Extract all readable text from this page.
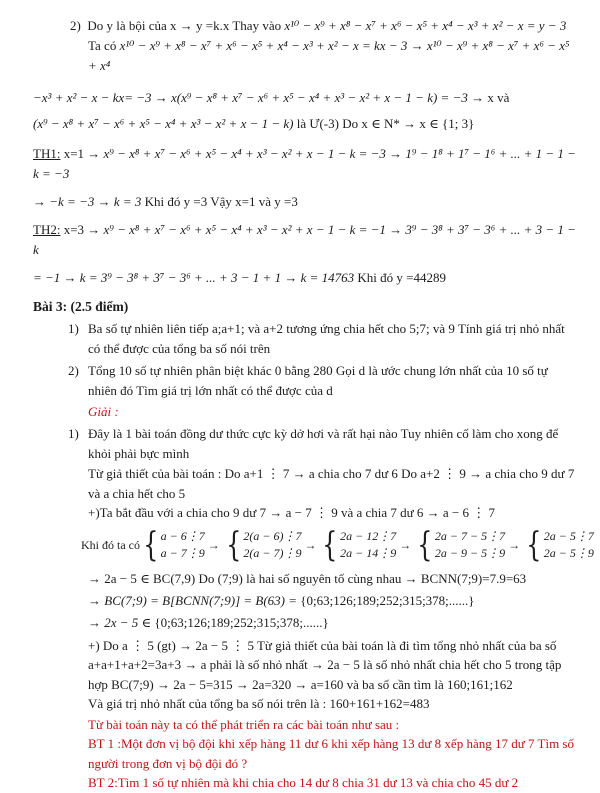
2) Do y là bội của x → y =k.x Thay vào x¹⁰ − x⁹ + x⁸ − x⁷ + x⁶ − x⁵ + x⁴ − x³ + x² − x = y − 3
Ta có x¹⁰ − x⁹ + x⁸ − x⁷ + x⁶ − x⁵ + x⁴ − x³ + x² − x = kx − 3 → x¹⁰ − x⁹ + x⁸ − x⁷ + x⁶ − x⁵ + x⁴
−x³ + x² − x − kx= −3 → x(x⁹ − x⁸ + x⁷ − x⁶ + x⁵ − x⁴ + x³ − x² + x − 1 − k) = −3 → x và
(x⁹ − x⁸ + x⁷ − x⁶ + x⁵ − x⁴ + x³ − x² + x − 1 − k) là Ư(-3) Do x ∈ N* → x ∈ {1; 3}
TH1: x=1 → x⁹ − x⁸ + x⁷ − x⁶ + x⁵ − x⁴ + x³ − x² + x − 1 − k = −3 → 1⁹ − 1⁸ + 1⁷ − 1⁶ + ... + 1 − 1 − k = −3
→ −k = −3 → k = 3 Khi đó y =3 Vậy x=1 và y =3
TH2: x=3 → x⁹ − x⁸ + x⁷ − x⁶ + x⁵ − x⁴ + x³ − x² + x − 1 − k = −1 → 3⁹ − 3⁸ + 3⁷ − 3⁶ + ... + 3 − 1 − k
= −1 → k = 3⁹ − 3⁸ + 3⁷ − 3⁶ + ... + 3 − 1 + 1 → k = 14763 Khi đó y =44289
Bài 3: (2.5 điểm)
1) Ba số tự nhiên liên tiếp a;a+1; và a+2 tương ứng chia hết cho 5;7; và 9 Tính giá trị nhỏ nhất có thể được của tổng ba số nói trên
2) Tổng 10 số tự nhiên phân biệt khác 0 bằng 280 Gọi d là ước chung lớn nhất của 10 số tự nhiên đó Tìm giá trị lớn nhất có thể được của d
Giải :
1) Đây là 1 bài toán đồng dư thức cực kỳ dở hơi và rất hại nào Tuy nhiên cố làm cho xong để khỏi phải bực mình
Từ giả thiết của bài toán : Do a+1 ⋮ 7 → a chia cho 7 dư 6 Do a+2 ⋮ 9 → a chia cho 9 dư 7 và a chia hết cho 5
+)Ta bắt đầu với a chia cho 9 dư 7 → a − 7 ⋮ 9 và a chia 7 dư 6 → a − 6 ⋮ 7
Khi đó ta có { a − 6⋮7
a − 7⋮9
→ { 2(a − 6)⋮7
2(a − 7)⋮9
→ { 2a − 12⋮7
2a − 14⋮9
→ { 2a − 7 − 5⋮7
2a − 9 − 5⋮9
→ { 2a − 5⋮7
2a − 5⋮9
→ 2a − 5 ∈ BC(7,9) Do (7;9) là hai số nguyên tố cùng nhau → BCNN(7;9)=7.9=63
→ BC(7;9) = B[BCNN(7;9)] = B(63) = {0;63;126;189;252;315;378;......}
→ 2x − 5 ∈ {0;63;126;189;252;315;378;......}
+) Do a ⋮ 5 (gt) → 2a − 5 ⋮ 5 Từ giả thiết của bài toán là đi tìm tổng nhỏ nhất của ba số a+a+1+a+2=3a+3 → a phải là số nhỏ nhất → 2a − 5 là số nhỏ nhất chia hết cho 5 trong tập hợp BC(7;9) → 2a − 5=315 → 2a=320 → a=160 và ba số cần tìm là 160;161;162
Và giá trị nhỏ nhất của tổng ba số nói trên là : 160+161+162=483
Từ bài toán này ta có thể phát triển ra các bài toán như sau :
BT 1 :Một đơn vị bộ đội khi xếp hàng 11 dư 6 khi xếp hàng 13 dư 8 xếp hàng 17 dư 7 Tìm số người trong đơn vị bộ đội đó ?
BT 2:Tìm 1 số tự nhiên mà khi chia cho 14 dư 8 chia 31 dư 13 và chia cho 45 dư 2
